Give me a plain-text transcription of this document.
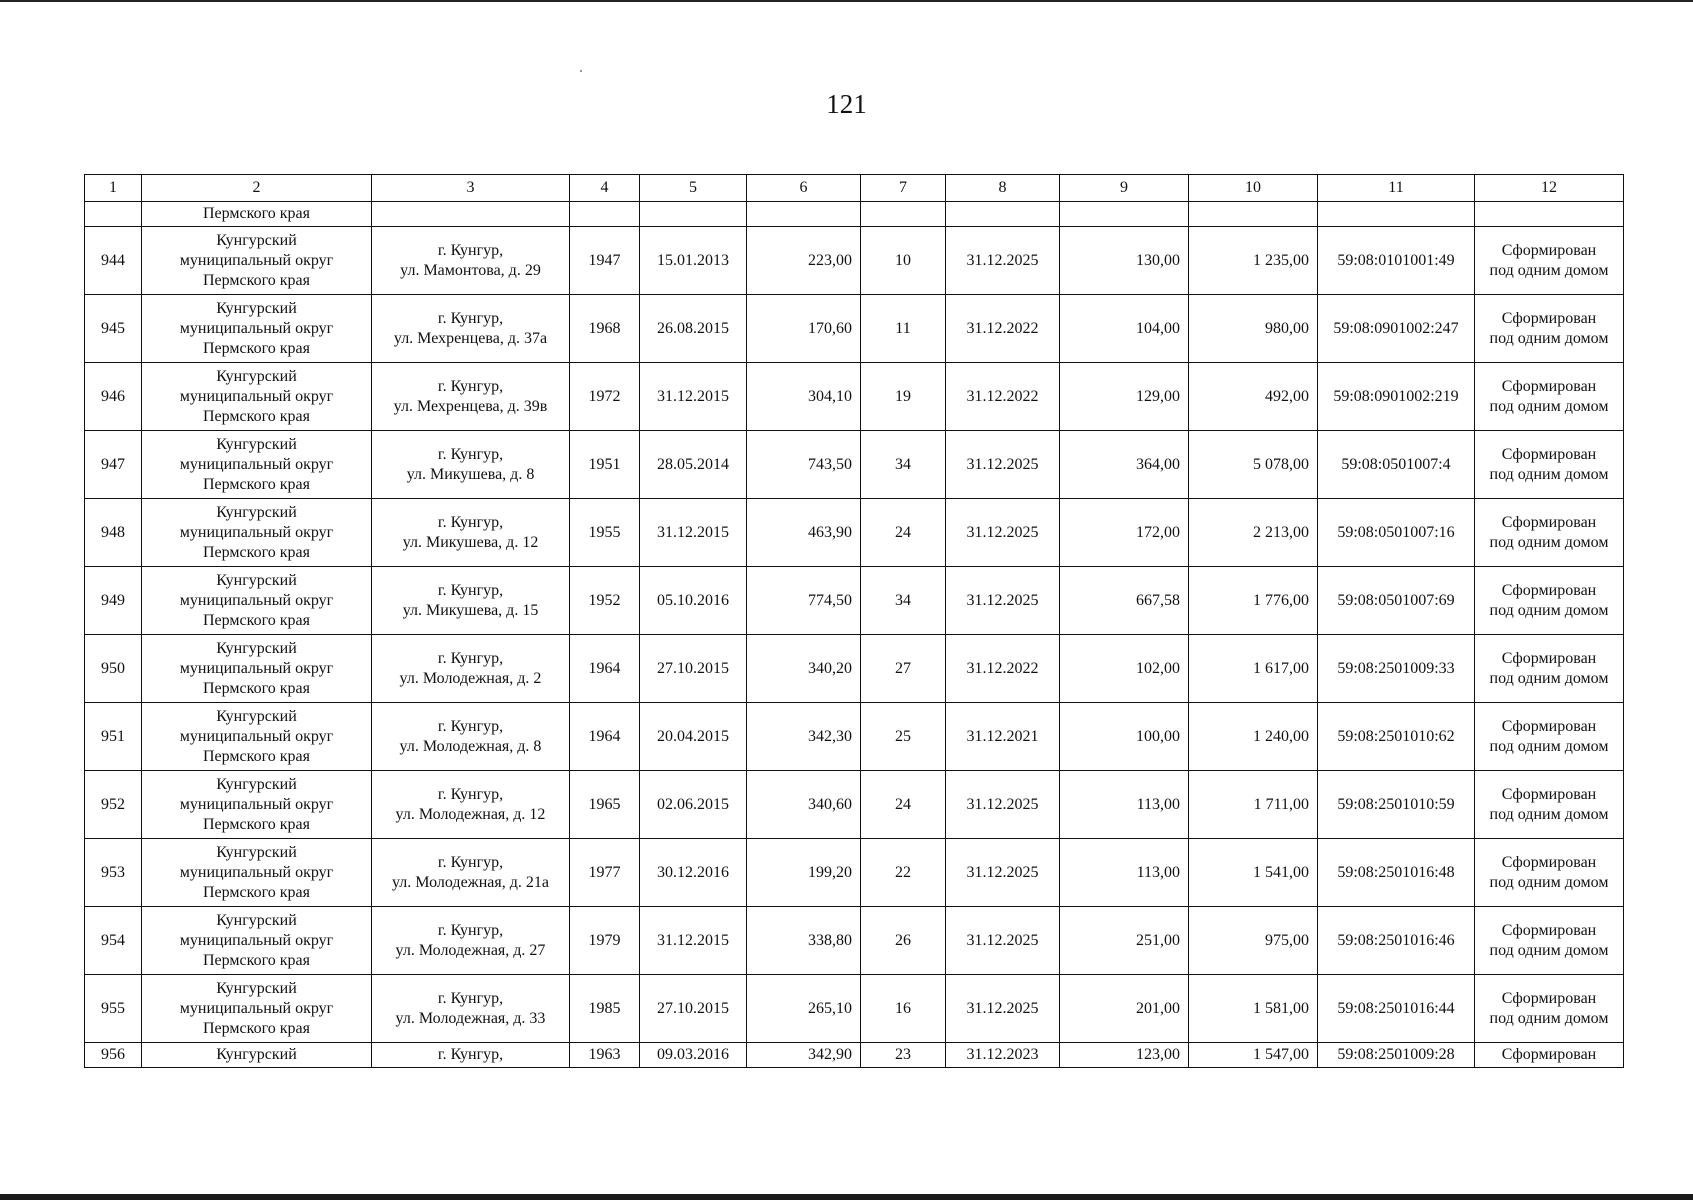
121
1	2	3	4	5	6	7	8	9	10	11	12
	Пермского края										
944	Кунгурский
муниципальный округ
Пермского края	г. Кунгур,
ул. Мамонтова, д. 29	1947	15.01.2013	223,00	10	31.12.2025	130,00	1 235,00	59:08:0101001:49	Сформирован
под одним домом
945	Кунгурский
муниципальный округ
Пермского края	г. Кунгур,
ул. Мехренцева, д. 37а	1968	26.08.2015	170,60	11	31.12.2022	104,00	980,00	59:08:0901002:247	Сформирован
под одним домом
946	Кунгурский
муниципальный округ
Пермского края	г. Кунгур,
ул. Мехренцева, д. 39в	1972	31.12.2015	304,10	19	31.12.2022	129,00	492,00	59:08:0901002:219	Сформирован
под одним домом
947	Кунгурский
муниципальный округ
Пермского края	г. Кунгур,
ул. Микушева, д. 8	1951	28.05.2014	743,50	34	31.12.2025	364,00	5 078,00	59:08:0501007:4	Сформирован
под одним домом
948	Кунгурский
муниципальный округ
Пермского края	г. Кунгур,
ул. Микушева, д. 12	1955	31.12.2015	463,90	24	31.12.2025	172,00	2 213,00	59:08:0501007:16	Сформирован
под одним домом
949	Кунгурский
муниципальный округ
Пермского края	г. Кунгур,
ул. Микушева, д. 15	1952	05.10.2016	774,50	34	31.12.2025	667,58	1 776,00	59:08:0501007:69	Сформирован
под одним домом
950	Кунгурский
муниципальный округ
Пермского края	г. Кунгур,
ул. Молодежная, д. 2	1964	27.10.2015	340,20	27	31.12.2022	102,00	1 617,00	59:08:2501009:33	Сформирован
под одним домом
951	Кунгурский
муниципальный округ
Пермского края	г. Кунгур,
ул. Молодежная, д. 8	1964	20.04.2015	342,30	25	31.12.2021	100,00	1 240,00	59:08:2501010:62	Сформирован
под одним домом
952	Кунгурский
муниципальный округ
Пермского края	г. Кунгур,
ул. Молодежная, д. 12	1965	02.06.2015	340,60	24	31.12.2025	113,00	1 711,00	59:08:2501010:59	Сформирован
под одним домом
953	Кунгурский
муниципальный округ
Пермского края	г. Кунгур,
ул. Молодежная, д. 21а	1977	30.12.2016	199,20	22	31.12.2025	113,00	1 541,00	59:08:2501016:48	Сформирован
под одним домом
954	Кунгурский
муниципальный округ
Пермского края	г. Кунгур,
ул. Молодежная, д. 27	1979	31.12.2015	338,80	26	31.12.2025	251,00	975,00	59:08:2501016:46	Сформирован
под одним домом
955	Кунгурский
муниципальный округ
Пермского края	г. Кунгур,
ул. Молодежная, д. 33	1985	27.10.2015	265,10	16	31.12.2025	201,00	1 581,00	59:08:2501016:44	Сформирован
под одним домом
956	Кунгурский	г. Кунгур,	1963	09.03.2016	342,90	23	31.12.2023	123,00	1 547,00	59:08:2501009:28	Сформирован
